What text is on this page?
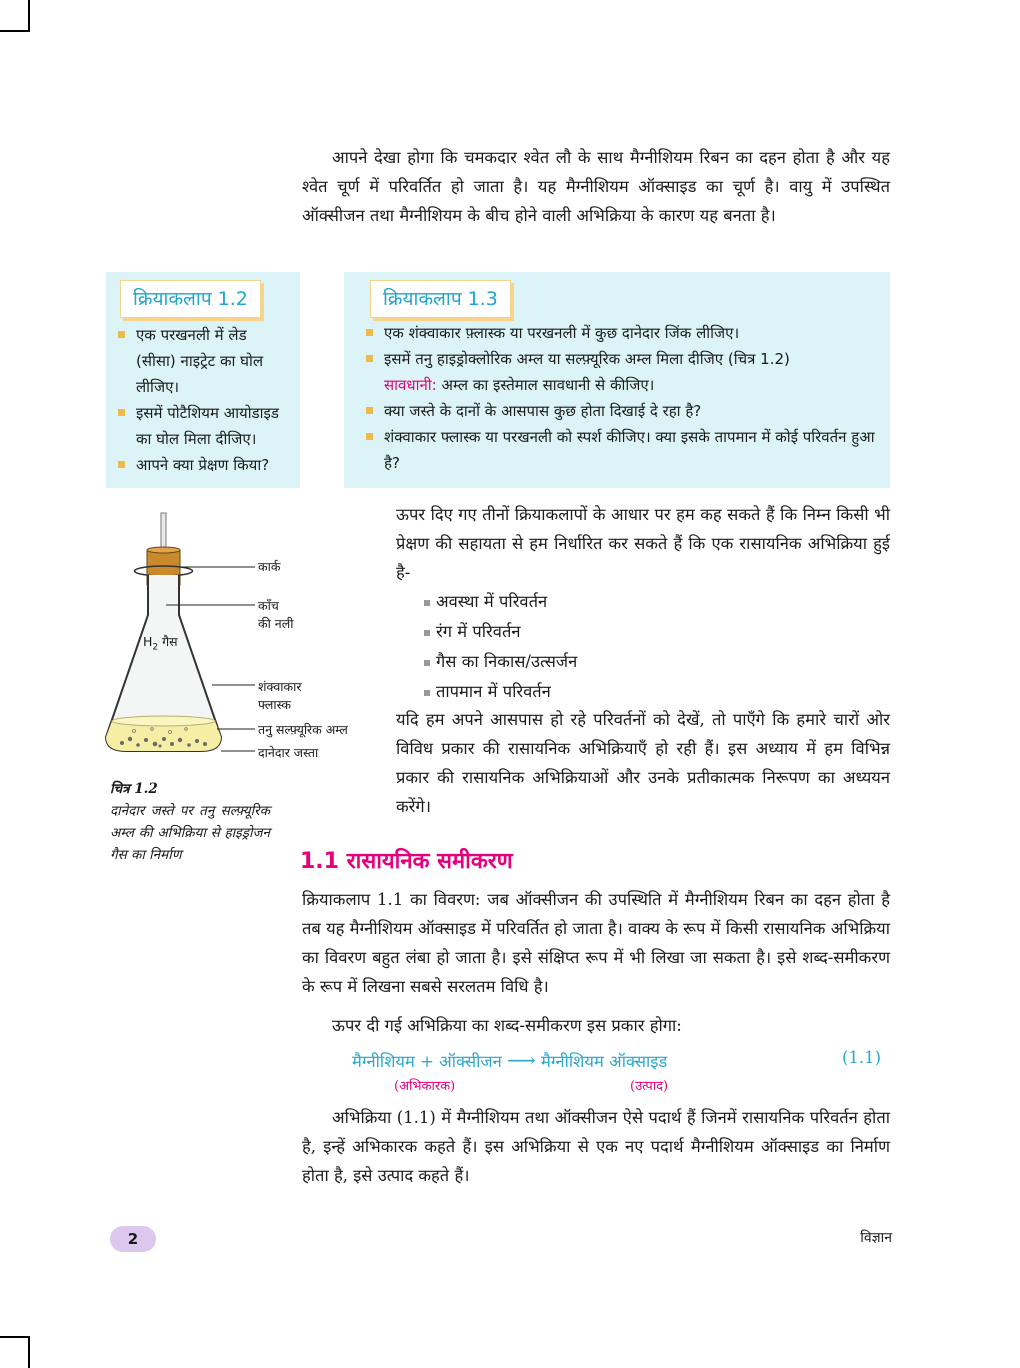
आपने देखा होगा कि चमकदार श्वेत लौ के साथ मैग्नीशियम रिबन का दहन होता है और यह श्वेत चूर्ण में परिवर्तित हो जाता है। यह मैग्नीशियम ऑक्साइड का चूर्ण है। वायु में उपस्थित ऑक्सीजन तथा मैग्नीशियम के बीच होने वाली अभिक्रिया के कारण यह बनता है।

क्रियाकलाप 1.2
एक परखनली में लेड (सीसा) नाइट्रेट का घोल लीजिए।
इसमें पोटैशियम आयोडाइड का घोल मिला दीजिए।
आपने क्या प्रेक्षण किया?
क्रियाकलाप 1.3
एक शंक्वाकार फ़्लास्क या परखनली में कुछ दानेदार जिंक लीजिए।
इसमें तनु हाइड्रोक्लोरिक अम्ल या सल्फ़्यूरिक अम्ल मिला दीजिए (चित्र 1.2)
सावधानी: अम्ल का इस्तेमाल सावधानी से कीजिए।
क्या जस्ते के दानों के आसपास कुछ होता दिखाई दे रहा है?
शंक्वाकार फ्लास्क या परखनली को स्पर्श कीजिए। क्या इसके तापमान में कोई परिवर्तन हुआ है?
कार्क
काँच
की नली
$H_2$ गैस
शंक्वाकार
फ्लास्क
तनु सल्फ़्यूरिक अम्ल
दानेदार जस्ता
चित्र 1.2
दानेदार जस्ते पर तनु सल्फ़्यूरिक अम्ल की अभिक्रिया से हाइड्रोजन गैस का निर्माण

ऊपर दिए गए तीनों क्रियाकलापों के आधार पर हम कह सकते हैं कि निम्न किसी भी प्रेक्षण की सहायता से हम निर्धारित कर सकते हैं कि एक रासायनिक अभिक्रिया हुई है-

अवस्था में परिवर्तन
रंग में परिवर्तन
गैस का निकास/उत्सर्जन
तापमान में परिवर्तन

यदि हम अपने आसपास हो रहे परिवर्तनों को देखें, तो पाएँगे कि हमारे चारों ओर विविध प्रकार की रासायनिक अभिक्रियाएँ हो रही हैं। इस अध्याय में हम विभिन्न प्रकार की रासायनिक अभिक्रियाओं और उनके प्रतीकात्मक निरूपण का अध्ययन करेंगे।

1.1 रासायनिक समीकरण

क्रियाकलाप 1.1 का विवरण: जब ऑक्सीजन की उपस्थिति में मैग्नीशियम रिबन का दहन होता है तब यह मैग्नीशियम ऑक्साइड में परिवर्तित हो जाता है। वाक्य के रूप में किसी रासायनिक अभिक्रिया का विवरण बहुत लंबा हो जाता है। इसे संक्षिप्त रूप में भी लिखा जा सकता है। इसे शब्द-समीकरण के रूप में लिखना सबसे सरलतम विधि है।

ऊपर दी गई अभिक्रिया का शब्द-समीकरण इस प्रकार होगा:

मैग्नीशियम + ऑक्सीजन ⟶ मैग्नीशियम ऑक्साइड	(1.1)
(अभिकारक)	(उत्पाद)

अभिक्रिया (1.1) में मैग्नीशियम तथा ऑक्सीजन ऐसे पदार्थ हैं जिनमें रासायनिक परिवर्तन होता है, इन्हें अभिकारक कहते हैं। इस अभिक्रिया से एक नए पदार्थ मैग्नीशियम ऑक्साइड का निर्माण होता है, इसे उत्पाद कहते हैं।

2	विज्ञान
